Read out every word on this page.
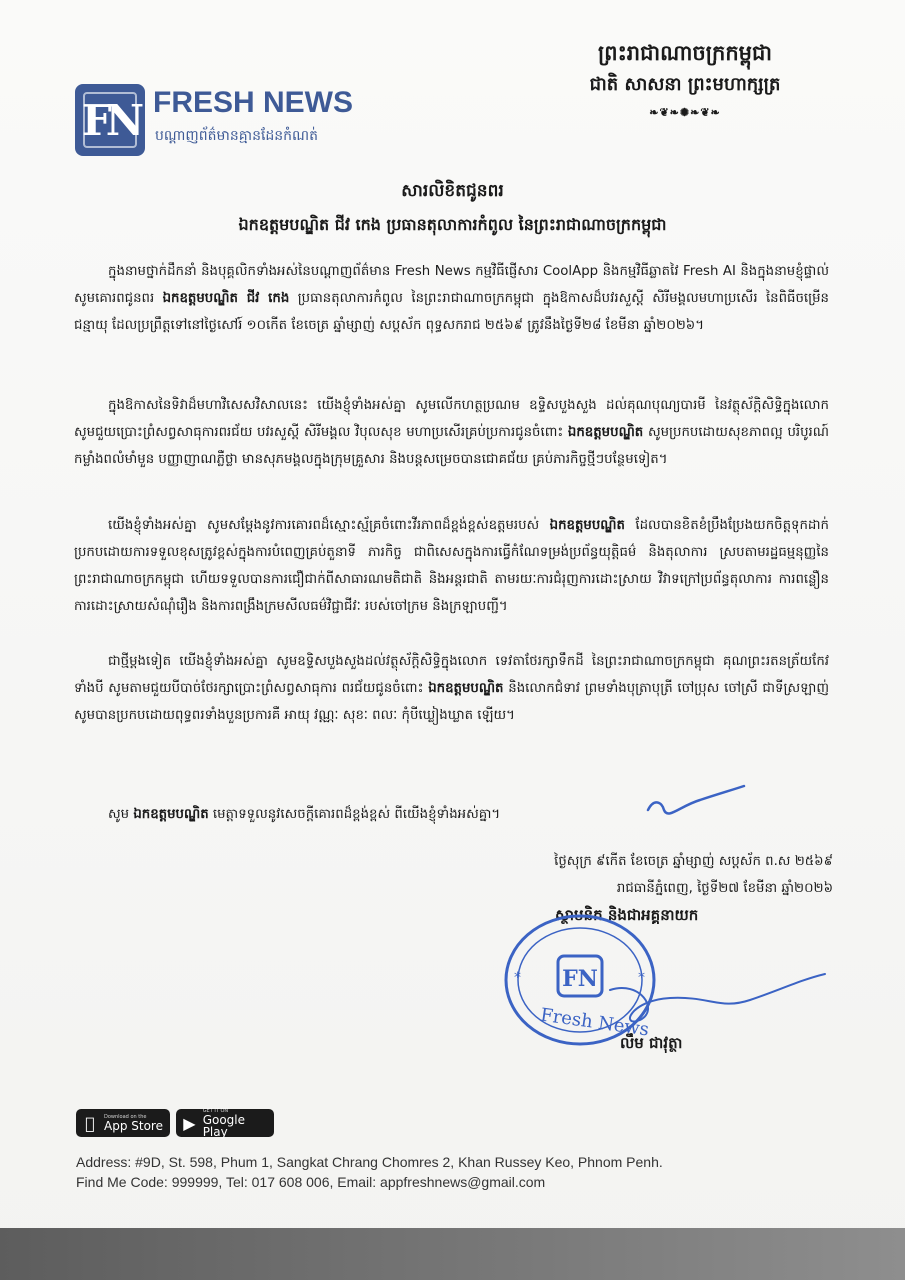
FN FRESH NEWS
បណ្តាញព័ត៌មានគ្មានដែនកំណត់
ព្រះរាជាណាចក្រកម្ពុជា
ជាតិ សាសនា ព្រះមហាក្សត្រ
❧❦❧✺❧❦❧
សារលិខិតជូនពរ
ឯកឧត្តមបណ្ឌិត ជីវ កេង ប្រធានតុលាការកំពូល នៃព្រះរាជាណាចក្រកម្ពុជា

ក្នុងនាមថ្នាក់ដឹកនាំ និងបុគ្គលិកទាំងអស់នៃបណ្តាញព័ត៌មាន Fresh News កម្មវិធីផ្ញើសារ CoolApp និងកម្មវិធីឆ្លាតវៃ Fresh AI និងក្នុងនាមខ្ញុំផ្ទាល់ សូមគោរពជូនពរ ឯកឧត្តមបណ្ឌិត ជីវ កេង ប្រធានតុលាការកំពូល នៃព្រះរាជាណាចក្រកម្ពុជា ក្នុងឱកាសដ៏បវរសួស្តី សិរីមង្គលមហាប្រសើរ នៃពិធីចម្រើនជន្មាយុ ដែលប្រព្រឹត្តទៅនៅថ្ងៃសៅរ៍ ១០កើត ខែចេត្រ ឆ្នាំម្សាញ់ សប្តស័ក ពុទ្ធសករាជ ២៥៦៩ ត្រូវនឹងថ្ងៃទី២៨ ខែមីនា ឆ្នាំ២០២៦។

ក្នុងឱកាសនៃទិវាដ៏មហាវិសេសវិសាលនេះ យើងខ្ញុំទាំងអស់គ្នា សូមលើកហត្ថប្រណម ឧទ្ទិសបួងសួង ដល់គុណបុណ្យបារមី នៃវត្ថុស័ក្តិសិទ្ធិក្នុងលោក សូមជួយប្រោះព្រំសព្វសាធុការពរជ័យ បវរសួស្តី សិរីមង្គល វិបុលសុខ មហាប្រសើរគ្រប់ប្រការជូនចំពោះ ឯកឧត្តមបណ្ឌិត សូមប្រកបដោយសុខភាពល្អ បរិបូរណ៍ កម្លាំងពលំមាំមួន បញ្ញាញាណភ្លឺថ្លា មានសុភមង្គលក្នុងក្រុមគ្រួសារ និងបន្តសម្រេចបានជោគជ័យ គ្រប់ភារកិច្ចថ្មីៗបន្ថែមទៀត។

យើងខ្ញុំទាំងអស់គ្នា សូមសម្តែងនូវការគោរពដ៏ស្មោះស្ម័គ្រចំពោះវីរភាពដ៏ខ្ពង់ខ្ពស់ឧត្តមរបស់ ឯកឧត្តមបណ្ឌិត ដែលបានខិតខំប្រឹងប្រែងយកចិត្តទុកដាក់ ប្រកបដោយការទទួលខុសត្រូវខ្ពស់ក្នុងការបំពេញគ្រប់តួនាទី ភារកិច្ច ជាពិសេសក្នុងការធ្វើកំណែទម្រង់ប្រព័ន្ធយុត្តិធម៌ និងតុលាការ ស្របតាមរដ្ឋធម្មនុញ្ញនៃព្រះរាជាណាចក្រកម្ពុជា ហើយទទួលបានការជឿជាក់ពីសាធារណមតិជាតិ និងអន្តរជាតិ តាមរយៈការជំរុញការដោះស្រាយ វិវាទក្រៅប្រព័ន្ធតុលាការ ការពន្លឿនការដោះស្រាយសំណុំរឿង និងការពង្រឹងក្រមសីលធម៌វិជ្ជាជីវៈ របស់ចៅក្រម និងក្រឡាបញ្ជី។

ជាថ្មីម្តងទៀត យើងខ្ញុំទាំងអស់គ្នា សូមឧទ្ទិសបួងសួងដល់វត្ថុស័ក្តិសិទ្ធិក្នុងលោក ទេវតាថែរក្សាទឹកដី នៃព្រះរាជាណាចក្រកម្ពុជា គុណព្រះរតនត្រ័យកែវទាំងបី សូមតាមជួយបីបាច់ថែរក្សាប្រោះព្រំសព្វសាធុការ ពរជ័យជូនចំពោះ ឯកឧត្តមបណ្ឌិត និងលោកជំទាវ ព្រមទាំងបុត្រាបុត្រី ចៅប្រុស ចៅស្រី ជាទីស្រឡាញ់ សូមបានប្រកបដោយពុទ្ធពរទាំងបួនប្រការគឺ អាយុ វណ្ណៈ សុខៈ ពលៈ កុំបីឃ្លៀងឃ្លាត ឡើយ។

សូម ឯកឧត្តមបណ្ឌិត មេត្តាទទួលនូវសេចក្តីគោរពដ៏ខ្ពង់ខ្ពស់ ពីយើងខ្ញុំទាំងអស់គ្នា។
ថ្ងៃសុក្រ ៩កើត ខែចេត្រ ឆ្នាំម្សាញ់ សប្តស័ក ព.ស ២៥៦៩
រាជធានីភ្នំពេញ, ថ្ងៃទី២៧ ខែមីនា ឆ្នាំ២០២៦
ស្ថាបនិក និងជាអគ្គនាយក
FN
*	*
Fresh News
លឹម ជាវុត្ថា
Download on the
App Store ▶
GET IT ON
Google Play
Address: #9D, St. 598, Phum 1, Sangkat Chrang Chomres 2, Khan Russey Keo, Phnom Penh.
Find Me Code: 999999, Tel: 017 608 006, Email: appfreshnews@gmail.com
